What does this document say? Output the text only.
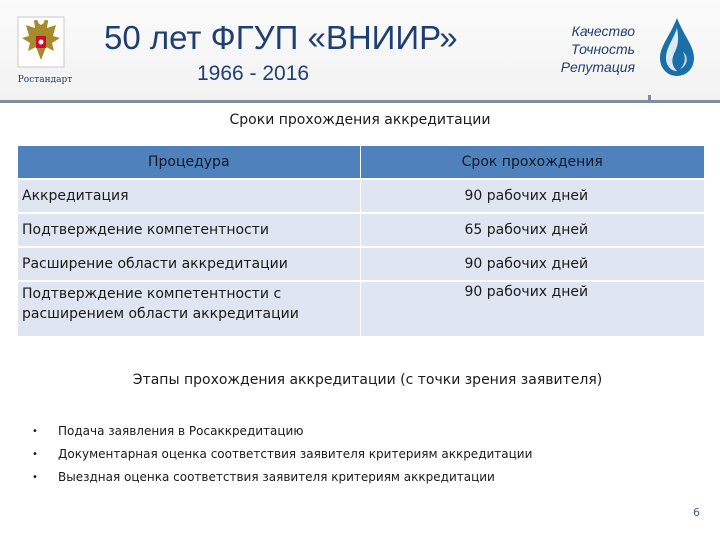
Ростандарт
50 лет ФГУП «ВНИИР»
1966 - 2016
Качество
Точность
Репутация
Сроки прохождения аккредитации
Процедура	Срок прохождения

Аккредитация	90 рабочих дней

Подтверждение компетентности	65 рабочих дней

Расширение области аккредитации	90 рабочих дней

Подтверждение компетентности с
расширением области аккредитации	90 рабочих дней
Этапы прохождения аккредитации (с точки зрения заявителя)
• Подача заявления в Росаккредитацию
• Документарная оценка соответствия заявителя критериям аккредитации
• Выездная оценка соответствия заявителя критериям аккредитации
6
